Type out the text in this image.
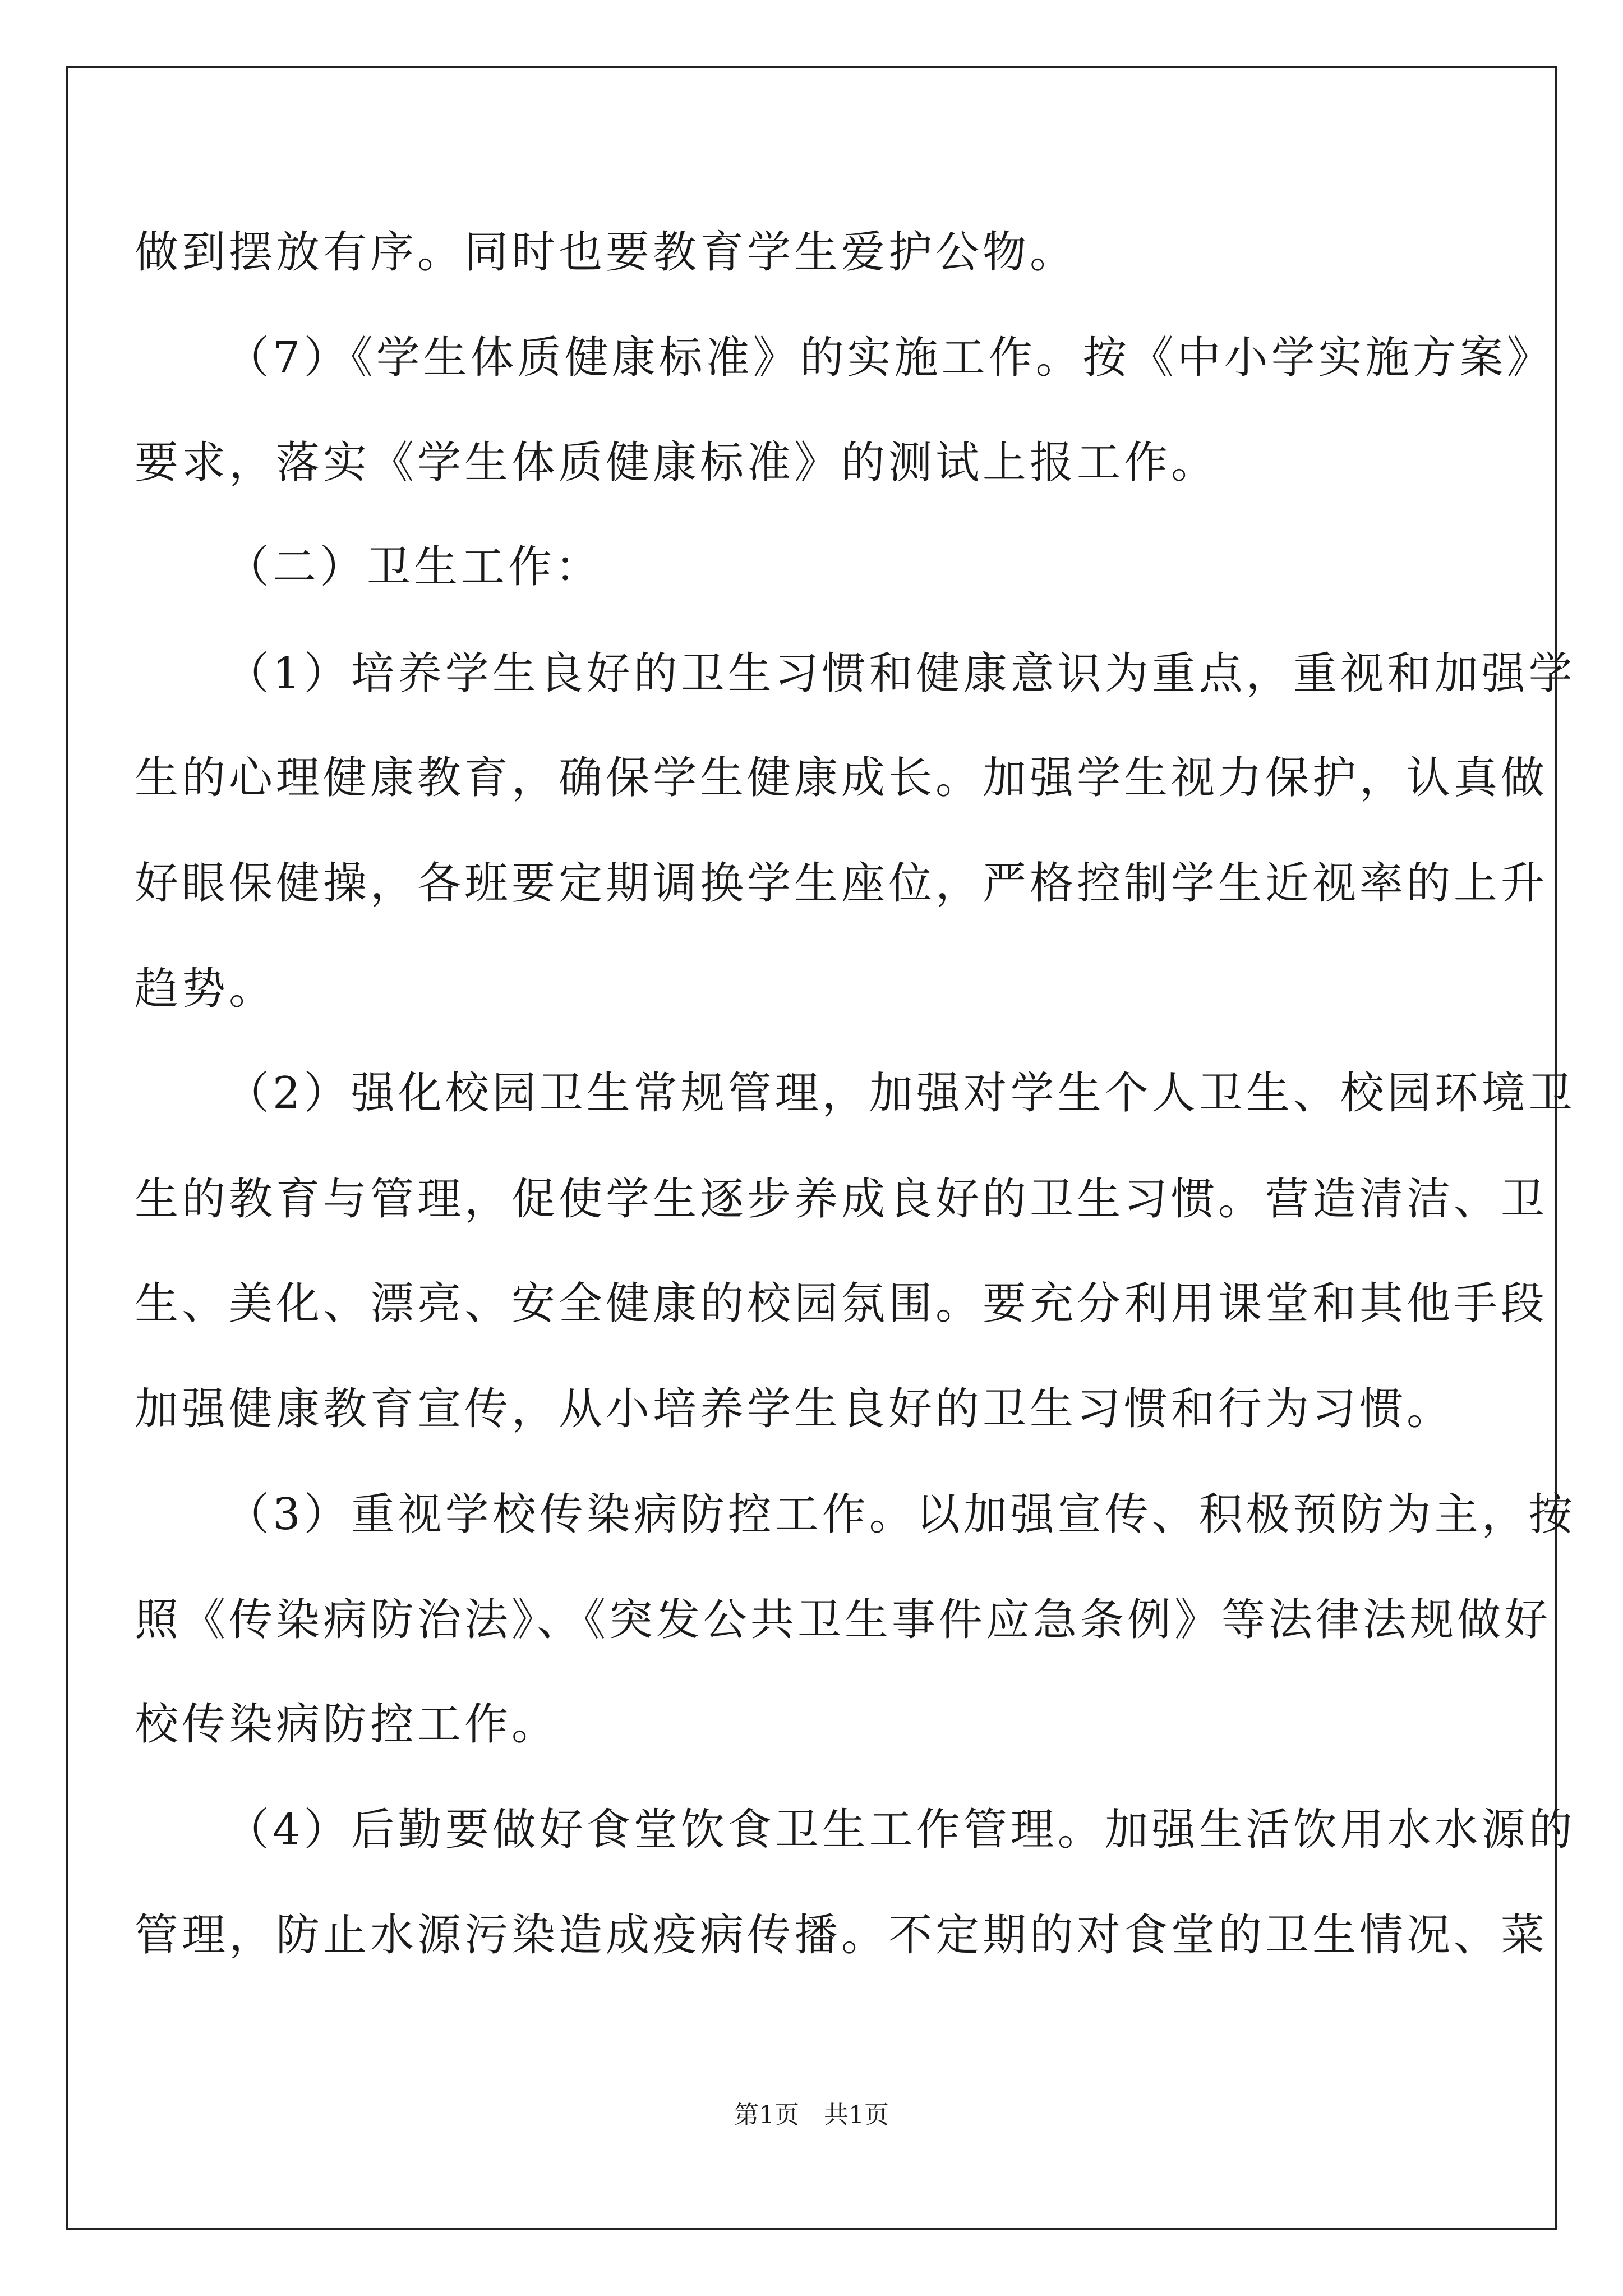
做到摆放有序。同时也要教育学生爱护公物。
（7）《学生体质健康标准》的实施工作。按《中小学实施方案》
要求，落实《学生体质健康标准》的测试上报工作。
（二）卫生工作：
（1）培养学生良好的卫生习惯和健康意识为重点，重视和加强学
生的心理健康教育，确保学生健康成长。加强学生视力保护，认真做
好眼保健操，各班要定期调换学生座位，严格控制学生近视率的上升
趋势。
（2）强化校园卫生常规管理，加强对学生个人卫生、校园环境卫
生的教育与管理，促使学生逐步养成良好的卫生习惯。营造清洁、卫
生、美化、漂亮、安全健康的校园氛围。要充分利用课堂和其他手段
加强健康教育宣传，从小培养学生良好的卫生习惯和行为习惯。
（3）重视学校传染病防控工作。以加强宣传、积极预防为主，按
照《传染病防治法》、《突发公共卫生事件应急条例》等法律法规做好
校传染病防控工作。
（4）后勤要做好食堂饮食卫生工作管理。加强生活饮用水水源的
管理，防止水源污染造成疫病传播。不定期的对食堂的卫生情况、菜
第1页　共1页
